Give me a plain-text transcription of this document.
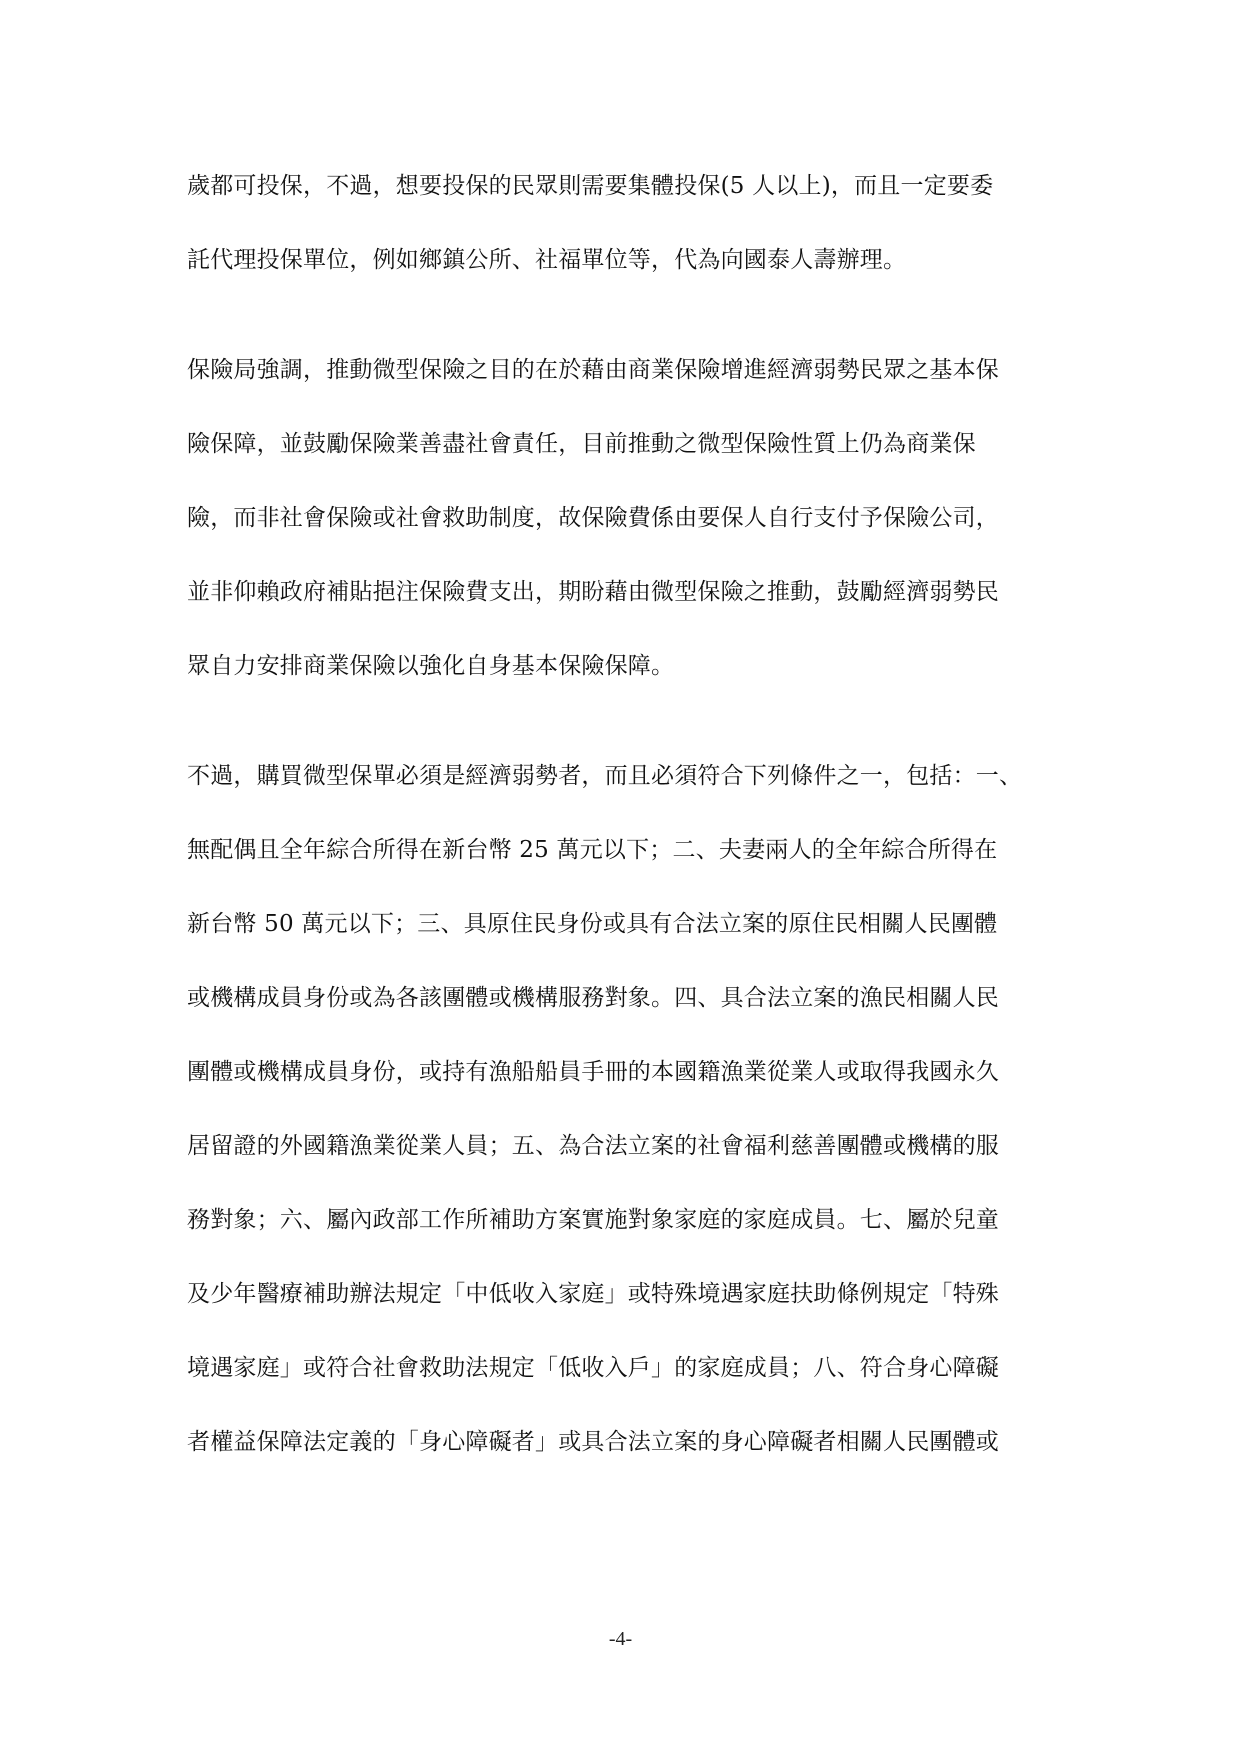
歲都可投保，不過，想要投保的民眾則需要集體投保(5 人以上)，而且一定要委
託代理投保單位，例如鄉鎮公所、社福單位等，代為向國泰人壽辦理。
保險局強調，推動微型保險之目的在於藉由商業保險增進經濟弱勢民眾之基本保
險保障，並鼓勵保險業善盡社會責任，目前推動之微型保險性質上仍為商業保
險，而非社會保險或社會救助制度，故保險費係由要保人自行支付予保險公司，
並非仰賴政府補貼挹注保險費支出，期盼藉由微型保險之推動，鼓勵經濟弱勢民
眾自力安排商業保險以強化自身基本保險保障。
不過，購買微型保單必須是經濟弱勢者，而且必須符合下列條件之一，包括：一、
無配偶且全年綜合所得在新台幣 25 萬元以下；二、夫妻兩人的全年綜合所得在
新台幣 50 萬元以下；三、具原住民身份或具有合法立案的原住民相關人民團體
或機構成員身份或為各該團體或機構服務對象。四、具合法立案的漁民相關人民
團體或機構成員身份，或持有漁船船員手冊的本國籍漁業從業人或取得我國永久
居留證的外國籍漁業從業人員；五、為合法立案的社會福利慈善團體或機構的服
務對象；六、屬內政部工作所補助方案實施對象家庭的家庭成員。七、屬於兒童
及少年醫療補助辦法規定「中低收入家庭」或特殊境遇家庭扶助條例規定「特殊
境遇家庭」或符合社會救助法規定「低收入戶」的家庭成員；八、符合身心障礙
者權益保障法定義的「身心障礙者」或具合法立案的身心障礙者相關人民團體或
-4-
